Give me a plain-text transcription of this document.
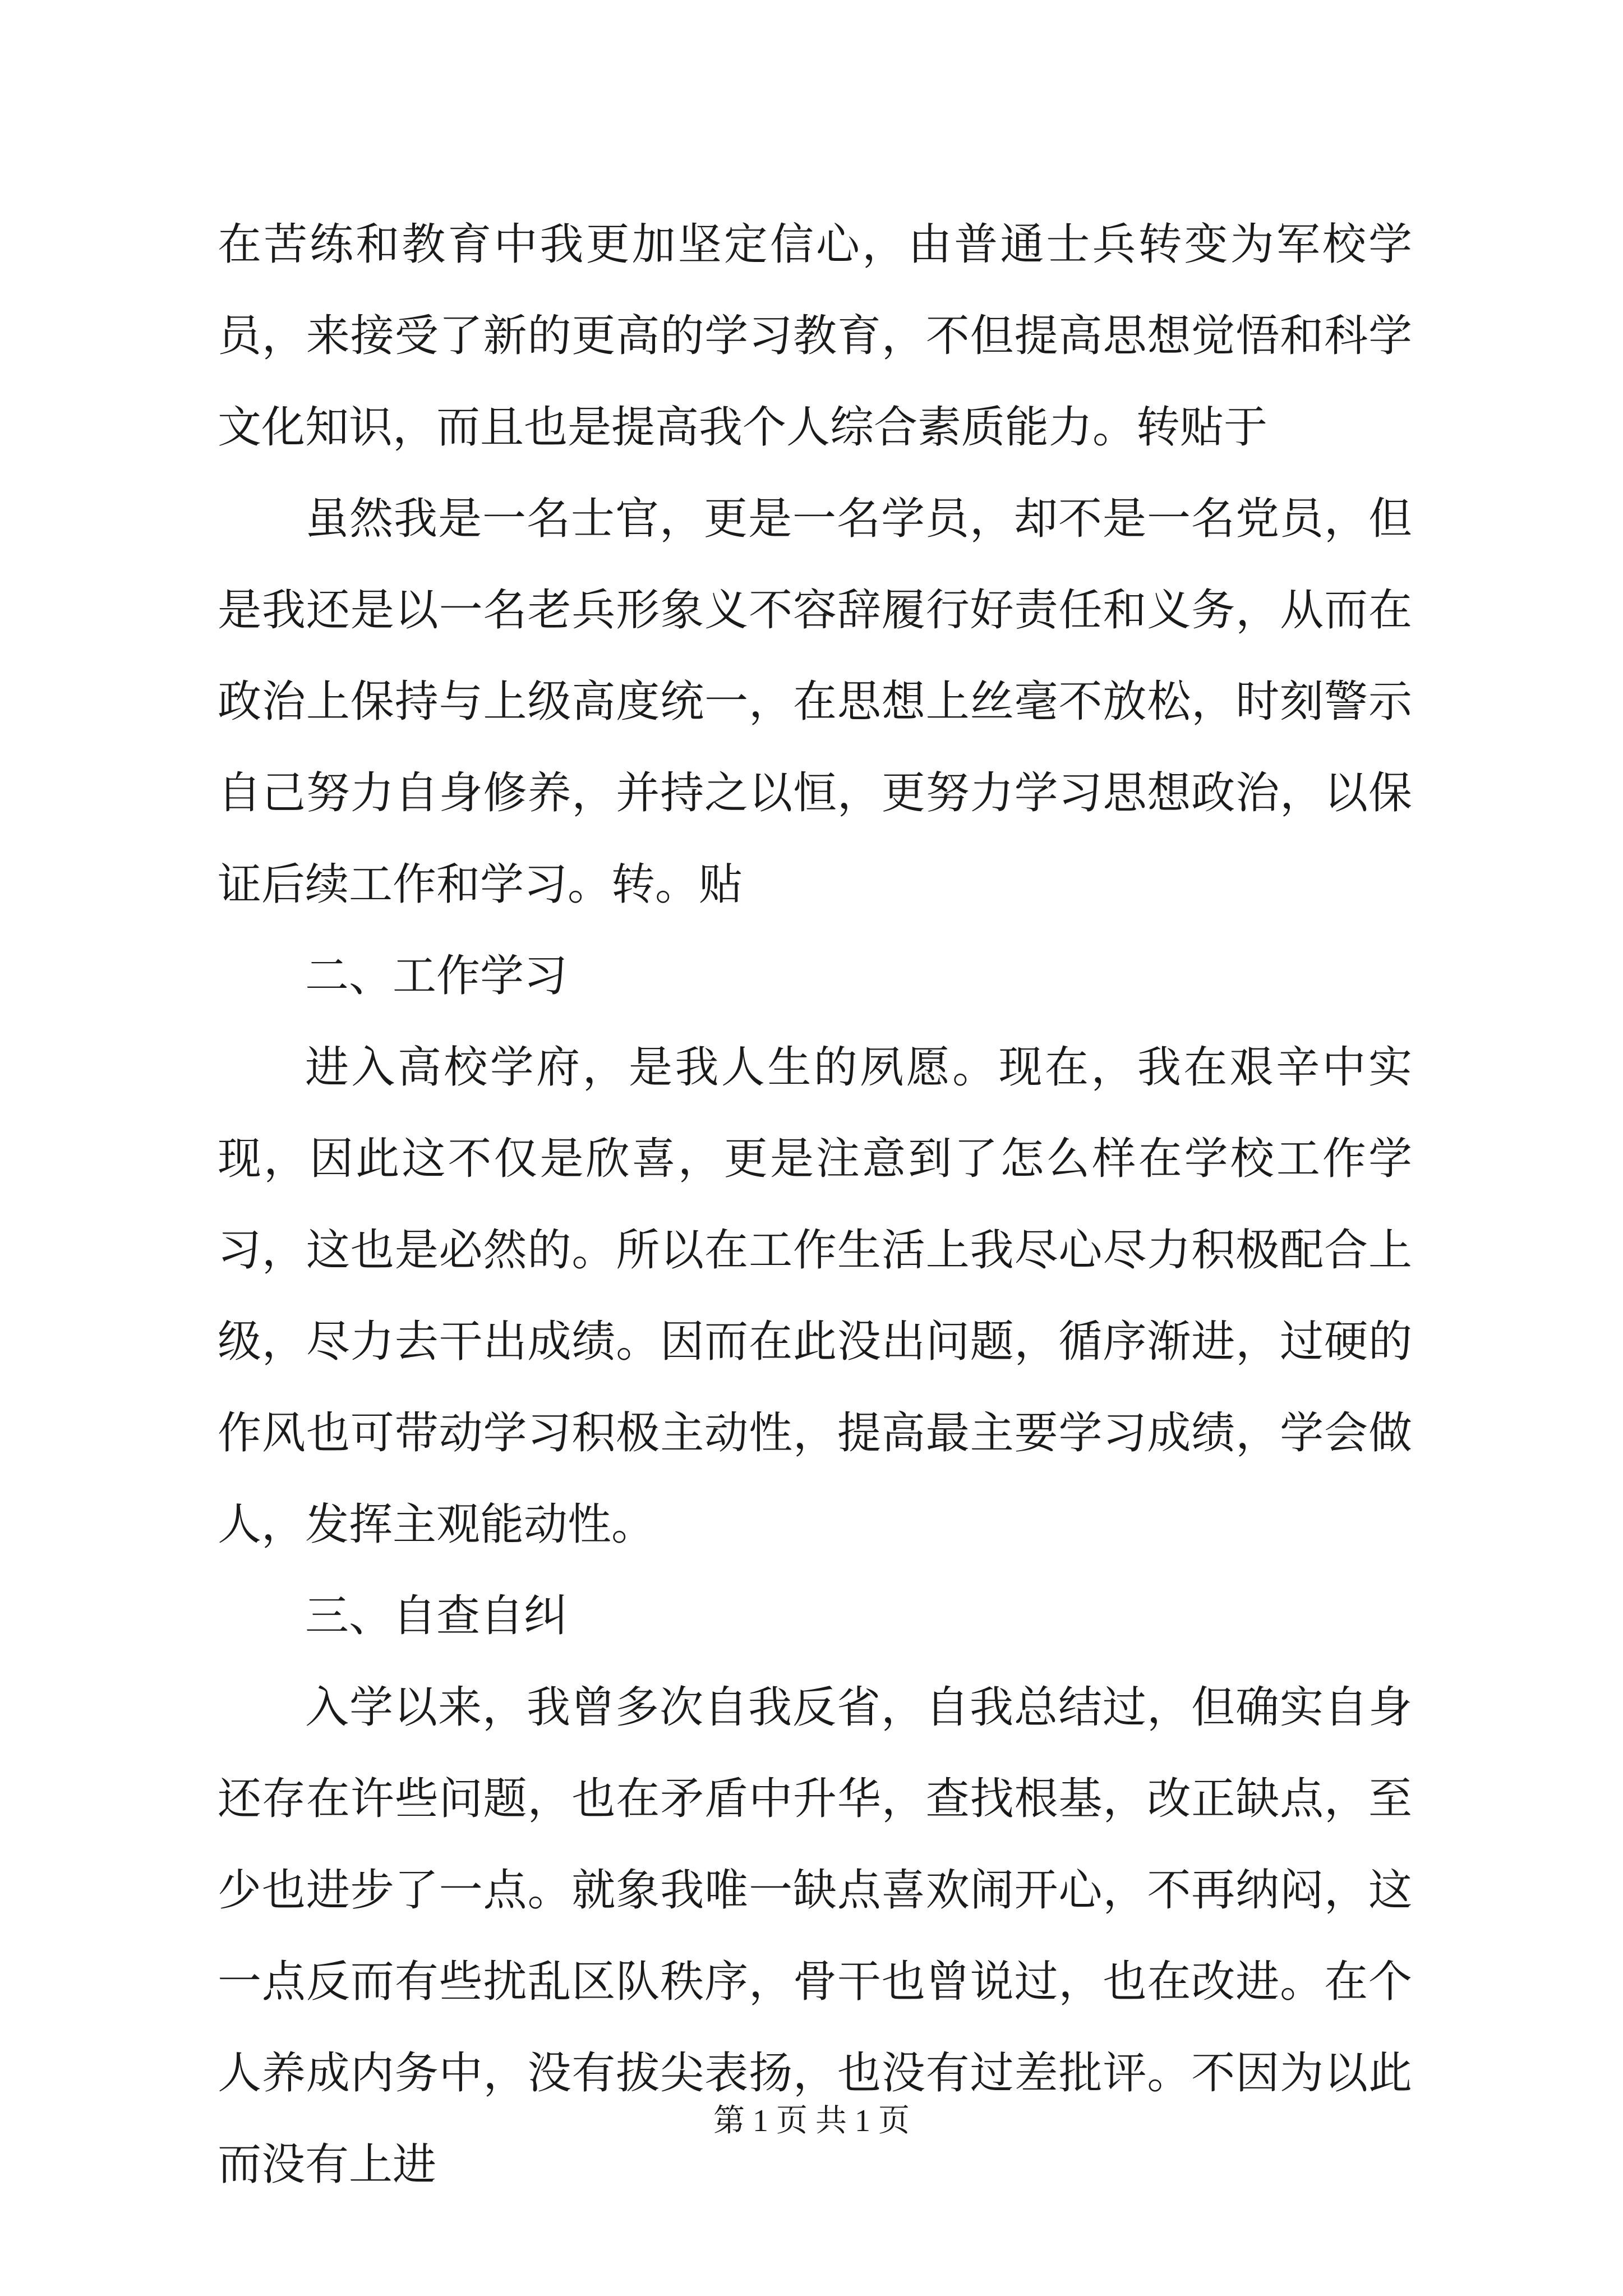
在苦练和教育中我更加坚定信心，由普通士兵转变为军校学员，来接受了新的更高的学习教育，不但提高思想觉悟和科学文化知识，而且也是提高我个人综合素质能力。转贴于

虽然我是一名士官，更是一名学员，却不是一名党员，但是我还是以一名老兵形象义不容辞履行好责任和义务，从而在政治上保持与上级高度统一，在思想上丝毫不放松，时刻警示自己努力自身修养，并持之以恒，更努力学习思想政治，以保证后续工作和学习。转。贴

二、工作学习

进入高校学府，是我人生的夙愿。现在，我在艰辛中实现，因此这不仅是欣喜，更是注意到了怎么样在学校工作学习，这也是必然的。所以在工作生活上我尽心尽力积极配合上级，尽力去干出成绩。因而在此没出问题，循序渐进，过硬的作风也可带动学习积极主动性，提高最主要学习成绩，学会做人，发挥主观能动性。

三、自查自纠

入学以来，我曾多次自我反省，自我总结过，但确实自身还存在许些问题，也在矛盾中升华，查找根基，改正缺点，至少也进步了一点。就象我唯一缺点喜欢闹开心，不再纳闷，这一点反而有些扰乱区队秩序，骨干也曾说过，也在改进。在个人养成内务中，没有拔尖表扬，也没有过差批评。不因为以此而没有上进

第 1 页 共 1 页
